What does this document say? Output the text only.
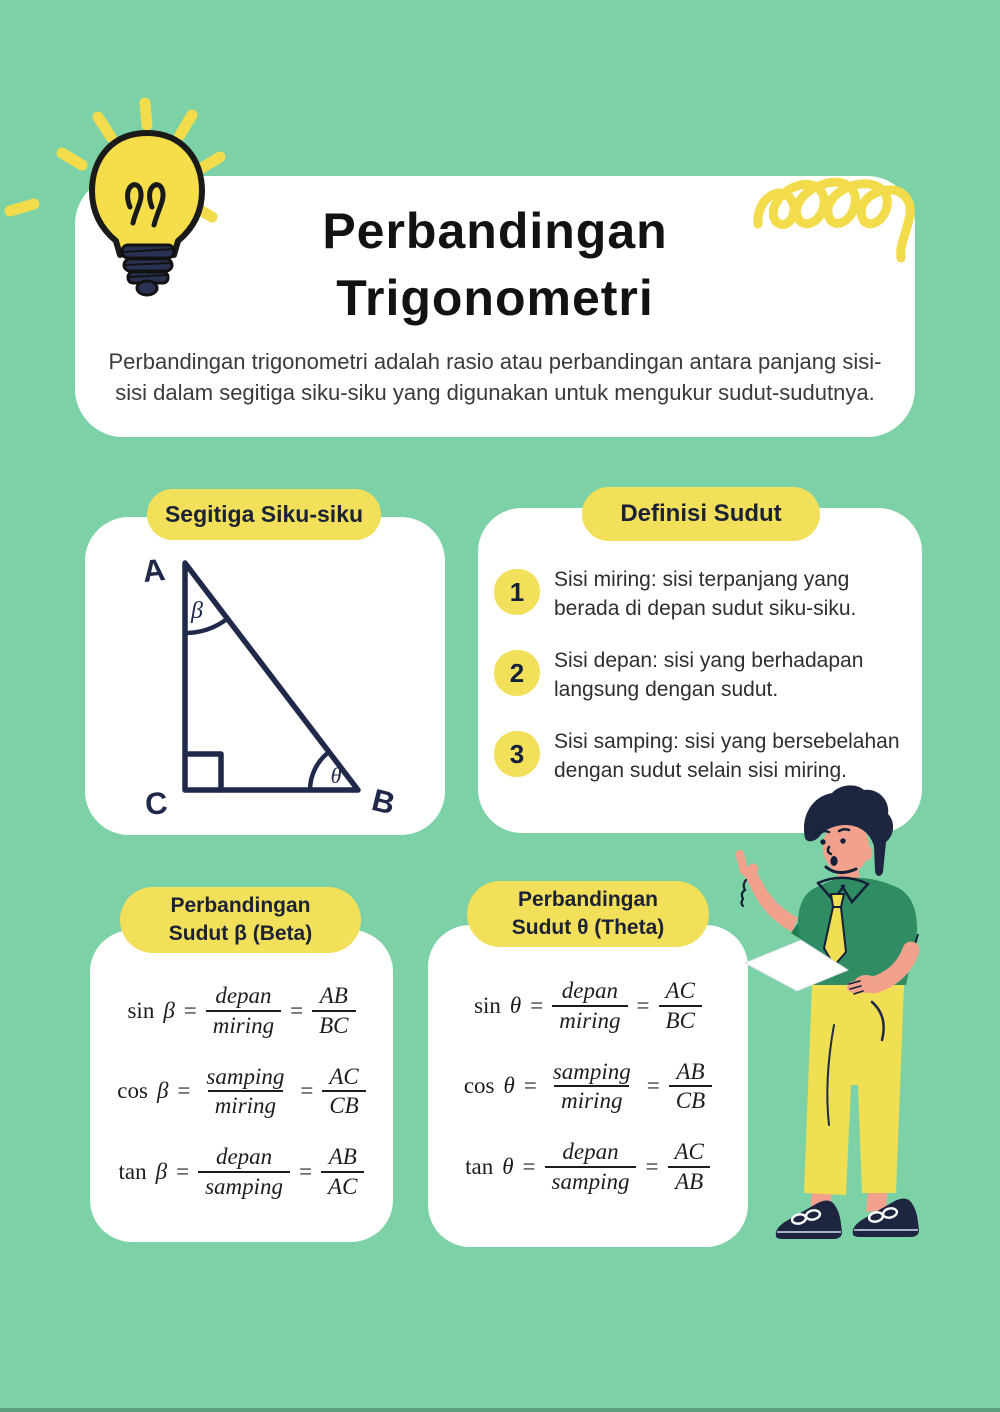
Perbandingan
Trigonometri
Perbandingan trigonometri adalah rasio atau perbandingan antara panjang sisi-sisi dalam segitiga siku-siku yang digunakan untuk mengukur sudut-sudutnya.
Segitiga Siku-siku
A
C	B
β
θ
Definisi Sudut
1	Sisi miring: sisi terpanjang yang berada di depan sudut siku-siku.
2	Sisi depan: sisi yang berhadapan langsung dengan sudut.
3	Sisi samping: sisi yang bersebelahan dengan sudut selain sisi miring.
$\sin \beta = \frac{\text{depan}}{\text{miring}} = \frac{AB}{BC}$
$\cos \beta = \frac{\text{samping}}{\text{miring}} = \frac{AC}{CB}$
$\tan \beta = \frac{\text{depan}}{\text{samping}} = \frac{AB}{AC}$
Perbandingan
Sudut β (Beta)
$\sin \theta = \frac{\text{depan}}{\text{miring}} = \frac{AC}{BC}$
$\cos \theta = \frac{\text{samping}}{\text{miring}} = \frac{AB}{CB}$
$\tan \theta = \frac{\text{depan}}{\text{samping}} = \frac{AC}{AB}$
Perbandingan
Sudut θ (Theta)
